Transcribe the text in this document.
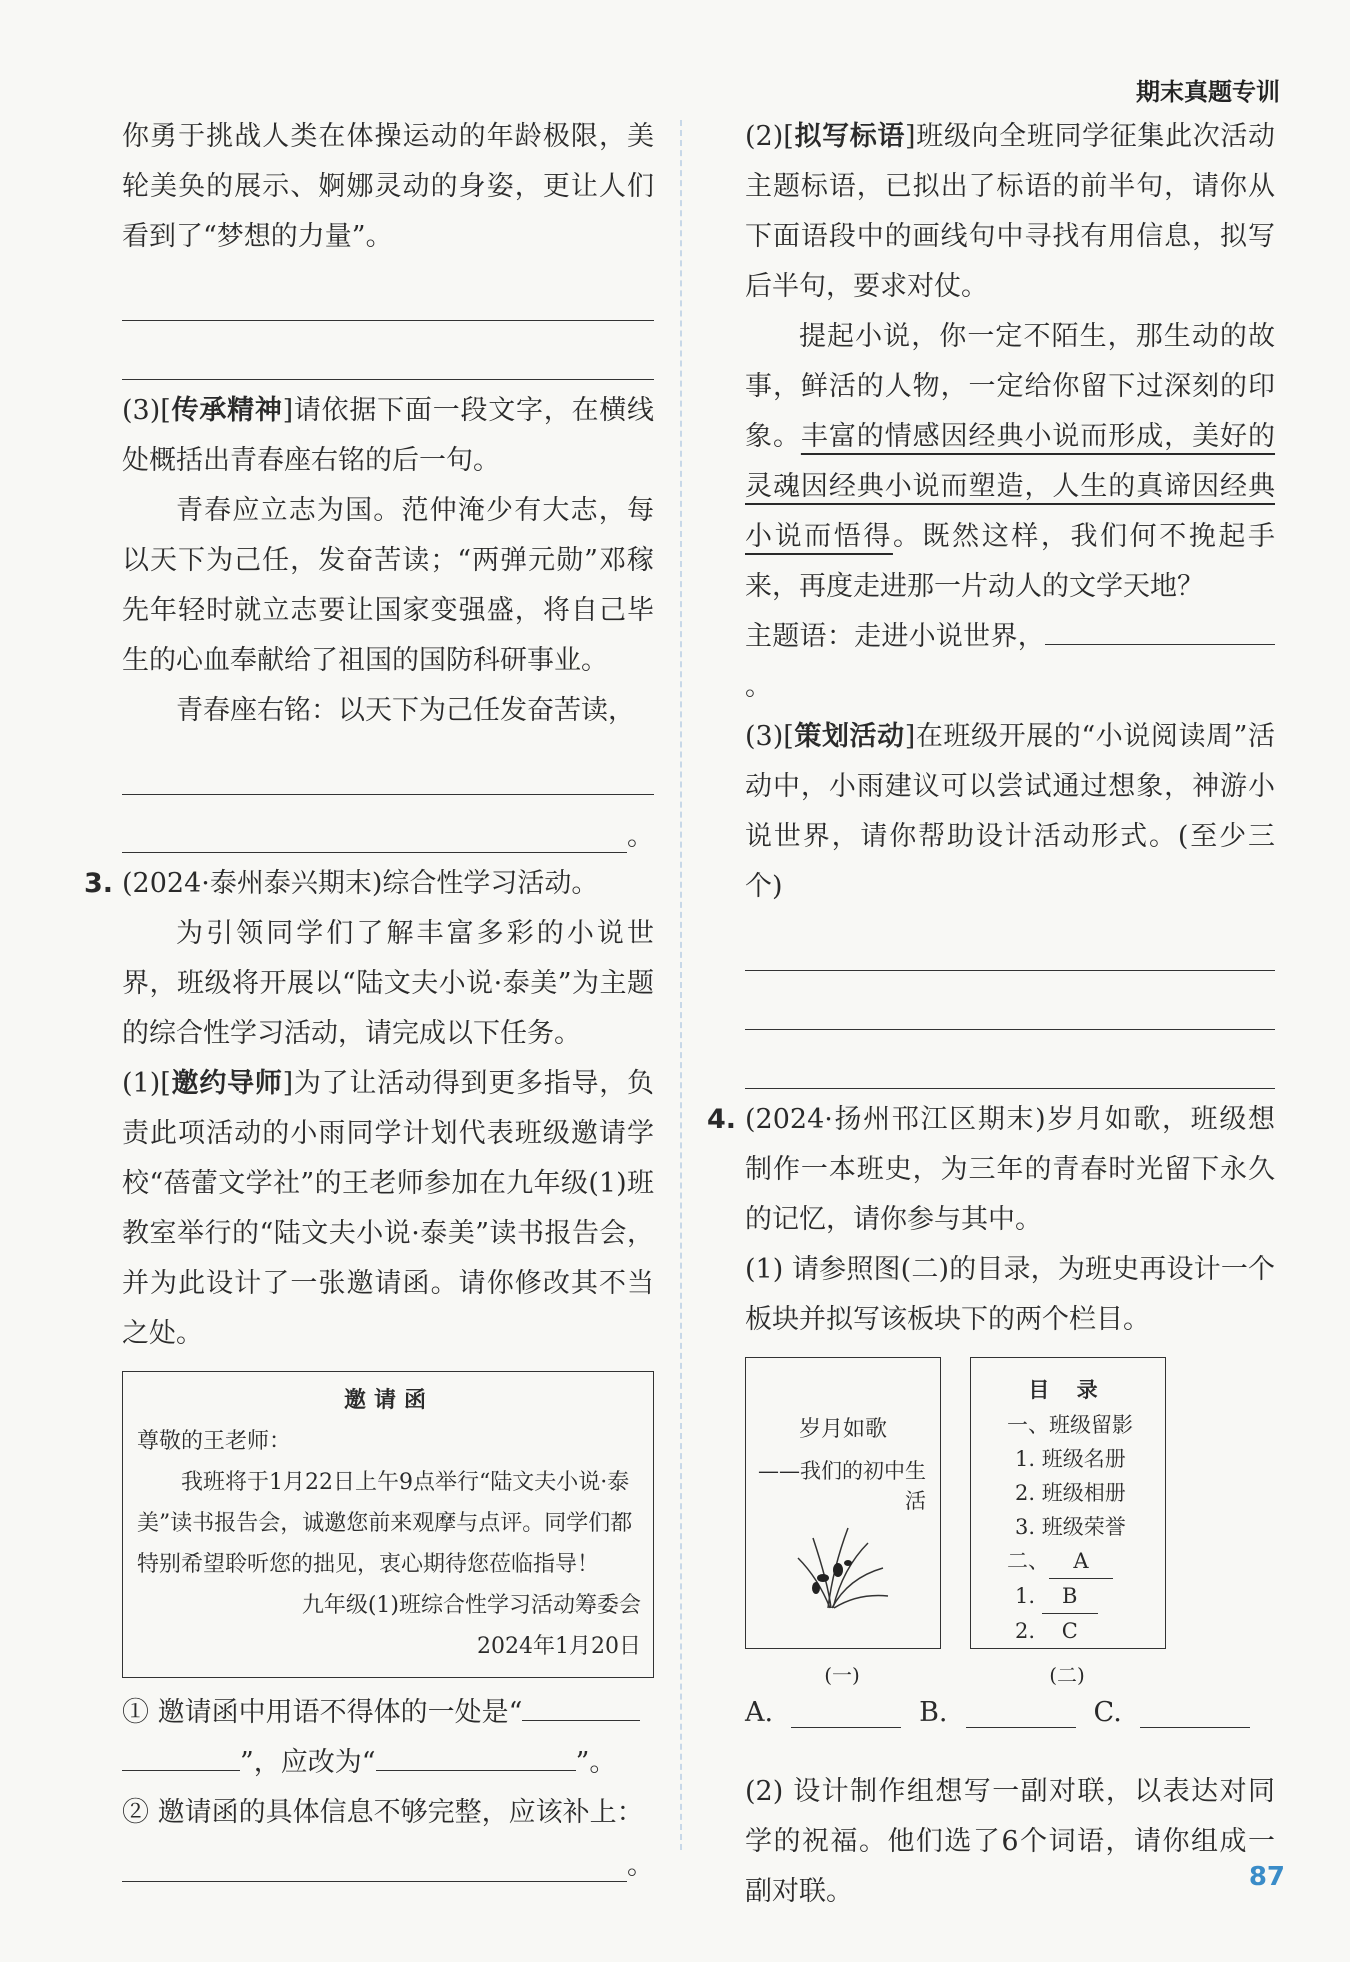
期末真题专训

你勇于挑战人类在体操运动的年龄极限，美轮美奂的展示、婀娜灵动的身姿，更让人们看到了“梦想的力量”。

(3)[传承精神]请依据下面一段文字，在横线处概括出青春座右铭的后一句。

青春应立志为国。范仲淹少有大志，每以天下为己任，发奋苦读；“两弹元勋”邓稼先年轻时就立志要让国家变强盛，将自己毕生的心血奉献给了祖国的国防科研事业。

青春座右铭：以天下为己任发奋苦读，

。

3. (2024·泰州泰兴期末)综合性学习活动。

为引领同学们了解丰富多彩的小说世界，班级将开展以“陆文夫小说·泰美”为主题的综合性学习活动，请完成以下任务。

(1)[邀约导师]为了让活动得到更多指导，负责此项活动的小雨同学计划代表班级邀请学校“蓓蕾文学社”的王老师参加在九年级(1)班教室举行的“陆文夫小说·泰美”读书报告会，并为此设计了一张邀请函。请你修改其不当之处。

邀请函
尊敬的王老师：
我班将于1月22日上午9点举行“陆文夫小说·泰美”读书报告会，诚邀您前来观摩与点评。同学们都特别希望聆听您的拙见，衷心期待您莅临指导！
九年级(1)班综合性学习活动筹委会
2024年1月20日

① 邀请函中用语不得体的一处是“
”，应改为“	”。

② 邀请函的具体信息不够完整，应该补上：

。

(2)[拟写标语]班级向全班同学征集此次活动主题标语，已拟出了标语的前半句，请你从下面语段中的画线句中寻找有用信息，拟写后半句，要求对仗。

提起小说，你一定不陌生，那生动的故事，鲜活的人物，一定给你留下过深刻的印象。丰富的情感因经典小说而形成，美好的灵魂因经典小说而塑造，人生的真谛因经典小说而悟得。既然这样，我们何不挽起手来，再度走进那一片动人的文学天地？

主题语：走进小说世界，。

(3)[策划活动]在班级开展的“小说阅读周”活动中，小雨建议可以尝试通过想象，神游小说世界，请你帮助设计活动形式。(至少三个)

4. (2024·扬州邗江区期末)岁月如歌，班级想制作一本班史，为三年的青春时光留下永久的记忆，请你参与其中。

(1) 请参照图(二)的目录，为班史再设计一个板块并拟写该板块下的两个栏目。

岁月如歌
——我们的初中生活
(一)
目 录
一、班级留影
1. 班级名册
2. 班级相册
3. 班级荣誉
二、 A
1. B
2. C
(二)
A.	B.	C.

(2) 设计制作组想写一副对联，以表达对同学的祝福。他们选了6个词语，请你组成一副对联。	87
